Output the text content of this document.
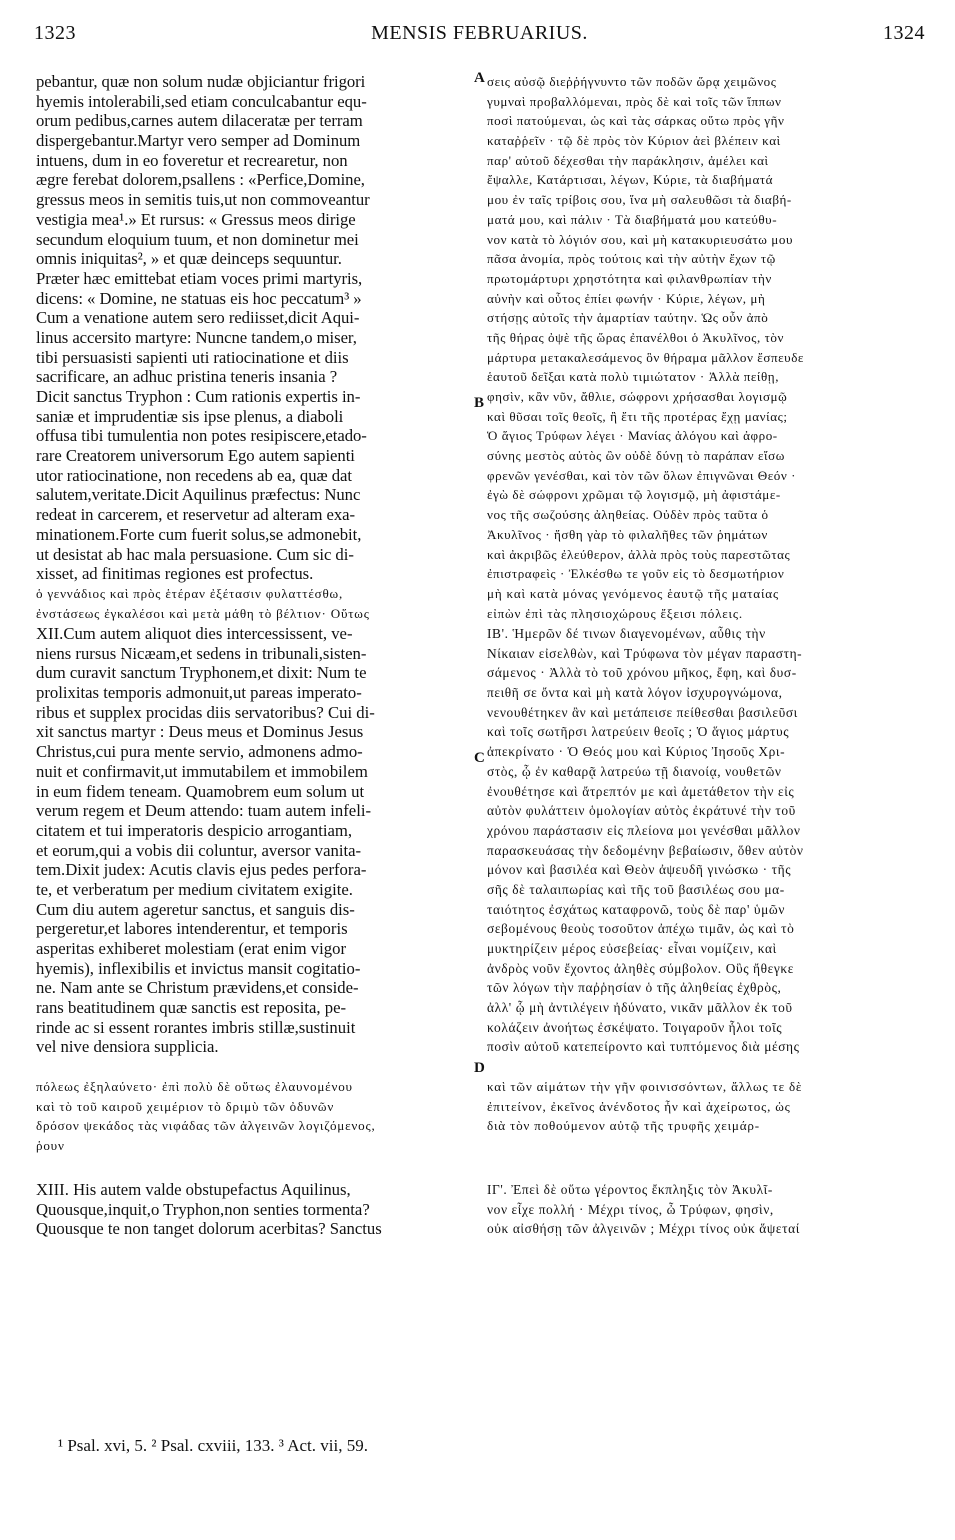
1323	MENSIS FEBRUARIUS.	1324
A
B
C
D
pebantur, quæ non solum nudæ objiciantur frigori
hyemis intolerabili,sed etiam conculcabantur equ-
orum pedibus,carnes autem dilaceratæ per terram
dispergebantur.Martyr vero semper ad Dominum
intuens, dum in eo foveretur et recrearetur, non
ægre ferebat dolorem,psallens : «Perfice,Domine,
gressus meos in semitis tuis,ut non commoveantur
vestigia mea¹.» Et rursus: « Gressus meos dirige
secundum eloquium tuum, et non dominetur mei
omnis iniquitas², » et quæ deinceps sequuntur.
Præter hæc emittebat etiam voces primi martyris,
dicens: « Domine, ne statuas eis hoc peccatum³ »
Cum a venatione autem sero rediisset,dicit Aqui-
linus accersito martyre: Nuncne tandem,o miser,
tibi persuasisti sapienti uti ratiocinatione et diis
sacrificare, an adhuc pristina teneris insania ?
Dicit sanctus Tryphon : Cum rationis expertis in-
saniæ et imprudentiæ sis ipse plenus, a diaboli
offusa tibi tumulentia non potes resipiscere,etado-
rare Creatorem universorum Ego autem sapienti
utor ratiocinatione, non recedens ab ea, quæ dat
salutem,veritate.Dicit Aquilinus præfectus: Nunc
redeat in carcerem, et reservetur ad alteram exa-
minationem.Forte cum fuerit solus,se admonebit,
ut desistat ab hac mala persuasione. Cum sic di-
xisset, ad finitimas regiones est profectus.
σεις αὐσῷ διεῤῥήγνυντο τῶν ποδῶν ὥρᾳ χειμῶνος
γυμναὶ προβαλλόμεναι, πρὸς δὲ καὶ τοῖς τῶν ἵππων
ποσὶ πατούμεναι, ὡς καὶ τὰς σάρκας οὕτω πρὸς γῆν
καταῤῥεῖν · τῷ δὲ πρὸς τὸν Κύριον ἀεὶ βλέπειν καὶ
παρ' αὐτοῦ δέχεσθαι τὴν παράκλησιν, ἀμέλει καὶ
ἔψαλλε, Κατάρτισαι, λέγων, Κύριε, τὰ διαβήματά
μου ἐν ταῖς τρίβοις σου, ἵνα μὴ σαλευθῶσι τὰ διαβή-
ματά μου, καὶ πάλιν · Τὰ διαβήματά μου κατεύθυ-
νον κατὰ τὸ λόγιόν σου, καὶ μὴ κατακυριευσάτω μου
πᾶσα ἀνομία, πρὸς τούτοις καὶ τὴν αὐτὴν ἔχων τῷ
πρωτομάρτυρι χρηστότητα καὶ φιλανθρωπίαν τὴν
αὐνὴν καὶ οὗτος ἐπίει φωνήν · Κύριε, λέγων, μὴ
στήσῃς αὐτοῖς τὴν ἁμαρτίαν ταύτην. Ὡς οὖν ἀπὸ
τῆς θήρας ὀψὲ τῆς ὥρας ἐπανέλθοι ὁ Ἀκυλῖνος, τὸν
μάρτυρα μετακαλεσάμενος ὃν θήραμα μᾶλλον ἔσπευδε
ἑαυτοῦ δεῖξαι κατὰ πολὺ τιμιώτατον · Ἀλλὰ πείθῃ,
φησὶν, κἂν νῦν, ἄθλιε, σώφρονι χρήσασθαι λογισμῷ
καὶ θῦσαι τοῖς θεοῖς, ἢ ἔτι τῆς προτέρας ἔχῃ μανίας;
Ὁ ἅγιος Τρύφων λέγει · Μανίας ἀλόγου καὶ ἀφρο-
σύνης μεστὸς αὐτὸς ὢν οὐδὲ δύνῃ τὸ παράπαν εἴσω
φρενῶν γενέσθαι, καὶ τὸν τῶν ὅλων ἐπιγνῶναι Θεόν ·
ἐγὼ δὲ σώφρονι χρῶμαι τῷ λογισμῷ, μὴ ἀφιστάμε-
νος τῆς σωζούσης ἀληθείας. Οὐδὲν πρὸς ταῦτα ὁ
Ἀκυλῖνος · ἥσθη γὰρ τὸ φιλαλῆθες τῶν ῥημάτων
καὶ ἀκριβῶς ἐλεύθερον, ἀλλὰ πρὸς τοὺς παρεστῶτας
ἐπιστραφεὶς · Ἐλκέσθω τε γοῦν εἰς τὸ δεσμωτήριον
ὁ γεννάδιος καὶ πρὸς ἑτέραν ἐξέτασιν φυλαττέσθω,	μὴ καὶ κατὰ μόνας γενόμενος ἑαυτῷ τῆς ματαίας
ἐνστάσεως ἐγκαλέσοι καὶ μετὰ μάθη τὸ βέλτιον· Οὕτως	εἰπὼν ἐπὶ τὰς πλησιοχώρους ἔξεισι πόλεις.
XII.Cum autem aliquot dies intercessissent, ve-
niens rursus Nicæam,et sedens in tribunali,sisten-
dum curavit sanctum Tryphonem,et dixit: Num te
prolixitas temporis admonuit,ut pareas imperato-
ribus et supplex procidas diis servatoribus? Cui di-
xit sanctus martyr : Deus meus et Dominus Jesus
Christus,cui pura mente servio, admonens admo-
nuit et confirmavit,ut immutabilem et immobilem
in eum fidem teneam. Quamobrem eum solum ut
verum regem et Deum attendo: tuam autem infeli-
citatem et tui imperatoris despicio arrogantiam,
et eorum,qui a vobis dii coluntur, aversor vanita-
tem.Dixit judex: Acutis clavis ejus pedes perfora-
te, et verberatum per medium civitatem exigite.
Cum diu autem ageretur sanctus, et sanguis dis-
pergeretur,et labores intenderentur, et temporis
asperitas exhiberet molestiam (erat enim vigor
hyemis), inflexibilis et invictus mansit cogitatio-
ne. Nam ante se Christum prævidens,et conside-
rans beatitudinem quæ sanctis est reposita, pe-
rinde ac si essent rorantes imbris stillæ,sustinuit
vel nive densiora supplicia.
ΙΒ'. Ἡμερῶν δέ τινων διαγενομένων, αὖθις τὴν
Νίκαιαν εἰσελθὼν, καὶ Τρύφωνα τὸν μέγαν παραστη-
σάμενος · Ἀλλὰ τὸ τοῦ χρόνου μῆκος, ἔφη, καὶ δυσ-
πειθῆ σε ὄντα καὶ μὴ κατὰ λόγον ἰσχυρογνώμονα,
νενουθέτηκεν ἂν καὶ μετάπεισε πείθεσθαι βασιλεῦσι
καὶ τοῖς σωτῆρσι λατρεύειν θεοῖς ; Ὁ ἅγιος μάρτυς
ἀπεκρίνατο · Ὁ Θεός μου καὶ Κύριος Ἰησοῦς Χρι-
στὸς, ᾧ ἐν καθαρᾷ λατρεύω τῇ διανοίᾳ, νουθετῶν
ἐνουθέτησε καὶ ἄτρεπτόν με καὶ ἀμετάθετον τὴν εἰς
αὐτὸν φυλάττειν ὁμολογίαν αὐτὸς ἐκράτυνέ τὴν τοῦ
χρόνου παράστασιν εἰς πλείονα μοι γενέσθαι μᾶλλον
παρασκευάσας τὴν δεδομένην βεβαίωσιν, ὅθεν αὐτὸν
μόνον καὶ βασιλέα καὶ Θεὸν ἀψευδῆ γινώσκω · τῆς
σῆς δὲ ταλαιπωρίας καὶ τῆς τοῦ βασιλέως σου μα-
ταιότητος ἐσχάτως καταφρονῶ, τοὺς δὲ παρ' ὑμῶν
σεβομένους θεοὺς τοσοῦτον ἀπέχω τιμᾶν, ὡς καὶ τὸ
μυκτηρίζειν μέρος εὐσεβείας· εἶναι νομίζειν, καὶ
ἀνδρὸς νοῦν ἔχοντος ἀληθὲς σύμβολον. Οὓς ἤθεγκε
τῶν λόγων τὴν παῤῥησίαν ὁ τῆς ἀληθείας ἐχθρὸς,
ἀλλ' ᾧ μὴ ἀντιλέγειν ἠδύνατο, νικᾶν μᾶλλον ἐκ τοῦ
κολάζειν ἀνοήτως ἐσκέψατο. Τοιγαροῦν ἧλοι τοῖς
ποσὶν αὐτοῦ κατεπείροντο καὶ τυπτόμενος διὰ μέσης
πόλεως ἐξηλαύνετο· ἐπὶ πολὺ δὲ οὕτως ἐλαυνομένου	καὶ τῶν αἱμάτων τὴν γῆν φοινισσόντων, ἄλλως τε δὲ
καὶ τὸ τοῦ καιροῦ χειμέριον τὸ δριμὺ τῶν ὀδυνῶν	ἐπιτείνον, ἐκεῖνος ἀνένδοτος ἦν καὶ ἀχείρωτος, ὡς
δρόσον ψεκάδος τὰς νιφάδας τῶν ἀλγεινῶν λογιζόμενος,	διὰ τὸν ποθούμενον αὐτῷ τῆς τρυφῆς χειμάρ-
ῥουν
XIII. His autem valde obstupefactus Aquilinus,
Quousque,inquit,o Tryphon,non senties tormenta?
Quousque te non tanget dolorum acerbitas? Sanctus
ΙΓ'. Ἐπεὶ δὲ οὕτω γέροντος ἔκπληξις τὸν Ἀκυλῖ-
νον εἶχε πολλή · Μέχρι τίνος, ὦ Τρύφων, φησὶν,
οὐκ αἰσθήσῃ τῶν ἀλγεινῶν ; Μέχρι τίνος οὐκ ἅψεταί
¹ Psal. xvi, 5. ² Psal. cxviii, 133. ³ Act. vii, 59.
